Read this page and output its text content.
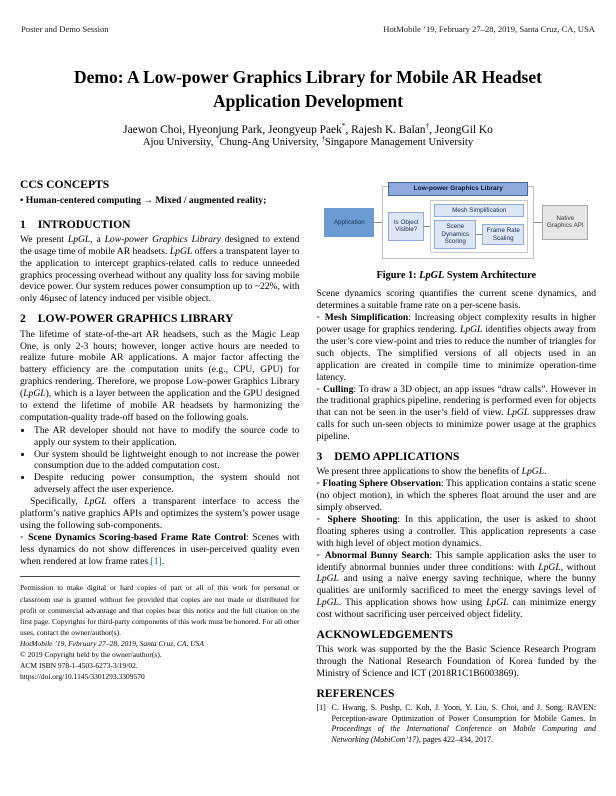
Poster and Demo Session	HotMobile ’19, February 27–28, 2019, Santa Cruz, CA, USA
Demo: A Low-power Graphics Library for Mobile AR Headset
Application Development
Jaewon Choi, Hyeonjung Park, Jeongyeup Paek*, Rajesh K. Balan†, JeongGil Ko
Ajou University, *Chung-Ang University, †Singapore Management University
CCS CONCEPTS

• Human-centered computing → Mixed / augmented reality;

1 INTRODUCTION

We present LpGL, a Low-power Graphics Library designed to extend the usage time of mobile AR headsets. LpGL offers a transpatent layer to the application to intercept graphics-related calls to reduce unneeded graphics processing overhead without any quality loss for saving mobile device power. Our system reduces power consumption up to ~22%, with only 46µsec of latency induced per visible object.

2 LOW-POWER GRAPHICS LIBRARY

The lifetime of state-of-the-art AR headsets, such as the Magic Leap One, is only 2-3 hours; however, longer active hours are needed to realize future mobile AR applications. A major factor affecting the battery efficiency are the computation units (e.g., CPU, GPU) for graphics rendering. Therefore, we propose Low-power Graphics Library (LpGL), which is a layer between the application and the GPU designed to extend the lifetime of mobile AR headsets by harmonizing the computation-quality trade-off based on the following goals.

• The AR developer should not have to modify the source code to apply our system to their application.
• Our system should be lightweight enough to not increase the power consumption due to the added computation cost.
• Despite reducing power consumption, the system should not adversely affect the user experience.

Specifically, LpGL offers a transparent interface to access the platform’s native graphics APIs and optimizes the system’s power usage using the following sub-components.

◦ Scene Dynamics Scoring-based Frame Rate Control: Scenes with less dynamics do not show differences in user-perceived quality even when rendered at low frame rates [1].

Permission to make digital or hard copies of part or all of this work for personal or classroom use is granted without fee provided that copies are not made or distributed for profit or commercial advantage and that copies bear this notice and the full citation on the first page. Copyrights for third-party components of this work must be honored. For all other uses, contact the owner/author(s).
HotMobile ’19, February 27–28, 2019, Santa Cruz, CA, USA
© 2019 Copyright held by the owner/author(s).
ACM ISBN 978-1-4503-6273-3/19/02.
https://doi.org/10.1145/3301293.3309570
Application
Low-power Graphics Library
Is Object Visible?
Mesh Simplification
Scene Dynamics Scoring
Frame Rate Scaling
Native Graphics API
Figure 1: LpGL System Architecture

Scene dynamics scoring quantifies the current scene dynamics, and determines a suitable frame rate on a per-scene basis.

◦ Mesh Simplification: Increasing object complexity results in higher power usage for graphics rendering. LpGL identifies objects away from the user’s core view-point and tries to reduce the number of triangles for such objects. The simplified versions of all objects used in an application are created in compile time to minimize operation-time latency.

◦ Culling: To draw a 3D object, an app issues “draw calls”. However in the traditional graphics pipeline, rendering is performed even for objects that can not be seen in the user’s field of view. LpGL suppresses draw calls for such un-seen objects to minimize power usage at the graphics pipeline.

3 DEMO APPLICATIONS

We present three applications to show the benefits of LpGL.

◦ Floating Sphere Observation: This application contains a static scene (no object motion), in which the spheres float around the user and are simply observed.

◦ Sphere Shooting: In this application, the user is asked to shoot floating spheres using a controller. This application represents a case with high level of object motion dynamics.

◦ Abnormal Bunny Search: This sample application asks the user to identify abnormal bunnies under three conditions: with LpGL, without LpGL and using a naïve energy saving technique, where the bunny qualities are uniformly sacrificed to meet the energy savings level of LpGL. This application shows how using LpGL can minimize energy cost without sacrificing user perceived object fidelity.

ACKNOWLEDGEMENTS

This work was supported by the the Basic Science Research Program through the National Research Foundation of Korea funded by the Ministry of Science and ICT (2018R1C1B6003869).

REFERENCES
[1] C. Hwang, S. Pushp, C. Koh, J. Yoon, Y. Liu, S. Choi, and J. Song. RAVEN: Perception-aware Optimization of Power Consumption for Mobile Games. In Proceedings of the International Conference on Mobile Computing and Networking (MobiCom’17), pages 422–434, 2017.
